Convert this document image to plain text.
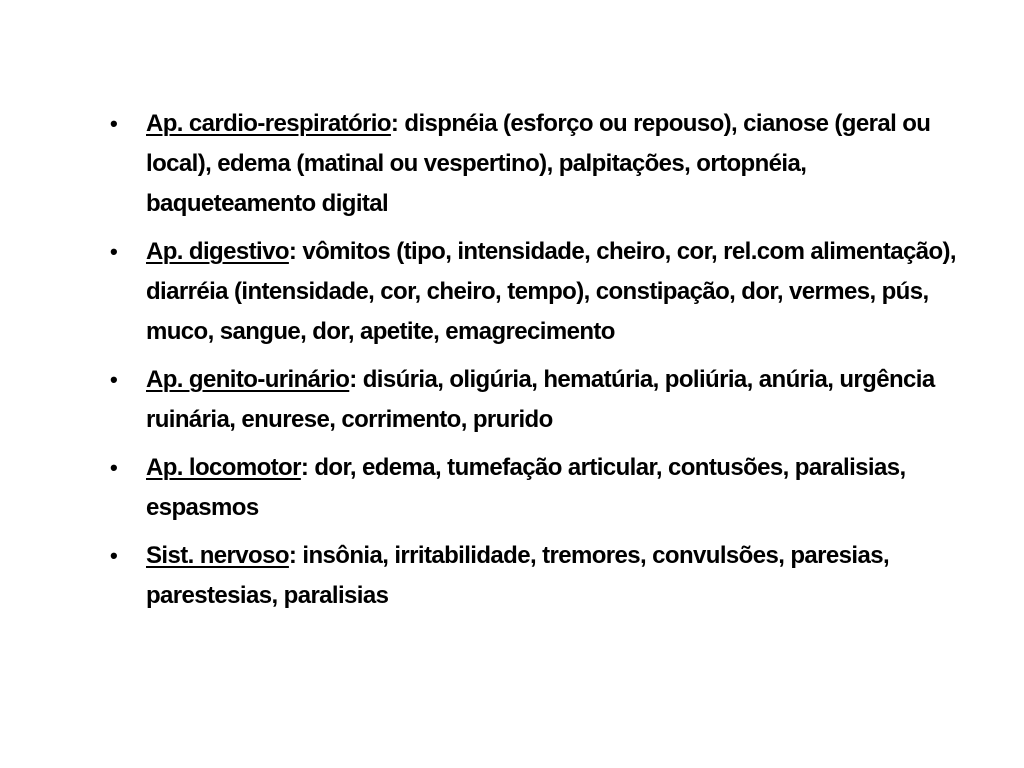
• Ap. cardio-respiratório: dispnéia (esforço ou repouso), cianose (geral ou local), edema (matinal ou vespertino), palpitações, ortopnéia, baqueteamento digital
• Ap. digestivo: vômitos (tipo, intensidade, cheiro, cor, rel.com alimentação), diarréia (intensidade, cor, cheiro, tempo), constipação, dor, vermes, pús, muco, sangue, dor, apetite, emagrecimento
• Ap. genito-urinário: disúria, oligúria, hematúria, poliúria, anúria, urgência ruinária, enurese, corrimento, prurido
• Ap. locomotor: dor, edema, tumefação articular, contusões, paralisias, espasmos
• Sist. nervoso: insônia, irritabilidade, tremores, convulsões, paresias, parestesias, paralisias
